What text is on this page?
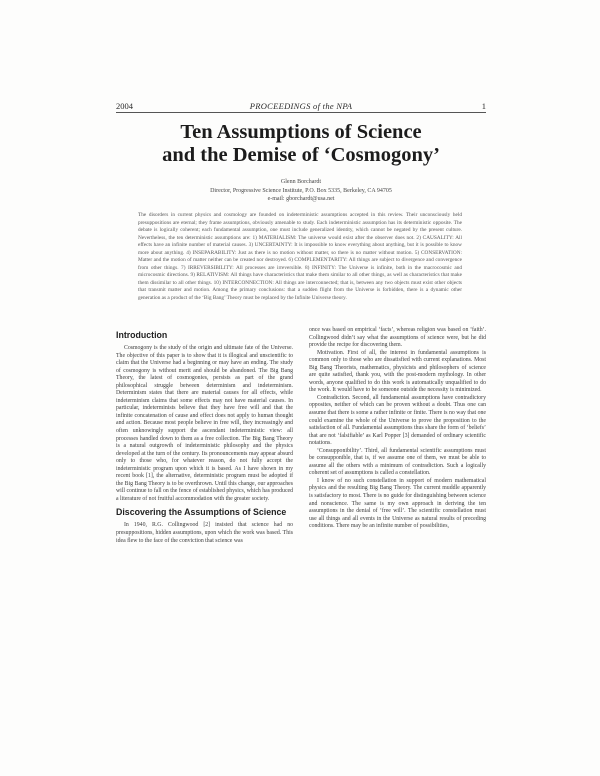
2004	PROCEEDINGS of the NPA	1
Ten Assumptions of Science
and the Demise of ‘Cosmogony’
Glenn Borchardt
Director, Progressive Science Institute, P.O. Box 5335, Berkeley, CA 94705
e-mail: gborchardt@usa.net

The disorders in current physics and cosmology are founded on indeterministic assumptions accepted in this review. Their unconsciously held presuppositions are eternal; they frame assumptions, obviously amenable to study. Each indeterministic assumption has its deterministic opposite. The debate is logically coherent; each fundamental assumption, one must include generalized identity, which cannot be negated by the present culture. Nevertheless, the ten deterministic assumptions are: 1) MATERIALISM: The universe would exist after the observer does not. 2) CAUSALITY: All effects have an infinite number of material causes. 3) UNCERTAINTY: It is impossible to know everything about anything, but it is possible to know more about anything. 4) INSEPARABILITY: Just as there is no motion without matter, so there is no matter without motion. 5) CONSERVATION: Matter and the motion of matter neither can be created nor destroyed. 6) COMPLEMENTARITY: All things are subject to divergence and convergence from other things. 7) IRREVERSIBILITY: All processes are irreversible. 8) INFINITY: The Universe is infinite, both in the macrocosmic and microcosmic directions. 9) RELATIVISM: All things have characteristics that make them similar to all other things, as well as characteristics that make them dissimilar to all other things. 10) INTERCONNECTION: All things are interconnected; that is, between any two objects must exist other objects that transmit matter and motion. Among the primary conclusions: that a sudden flight from the Universe is forbidden, there is a dynamic other generation as a product of the ‘Big Bang’ Theory must be replaced by the Infinite Universe theory.

Introduction

Cosmogony is the study of the origin and ultimate fate of the Universe. The objective of this paper is to show that it is illogical and unscientific to claim that the Universe had a beginning or may have an ending. The study of cosmogony is without merit and should be abandoned. The Big Bang Theory, the latest of cosmogonies, persists as part of the grand philosophical struggle between determinism and indeterminism. Determinism states that there are material causes for all effects, while indeterminism claims that some effects may not have material causes. In particular, indeterminists believe that they have free will and that the infinite concatenation of cause and effect does not apply to human thought and action. Because most people believe in free will, they increasingly and often unknowingly support the ascendant indeterministic view: all processes handled down to them as a free collection. The Big Bang Theory is a natural outgrowth of indeterministic philosophy and the physics developed at the turn of the century. Its pronouncements may appear absurd only to those who, for whatever reason, do not fully accept the indeterministic program upon which it is based. As I have shown in my recent book [1], the alternative, deterministic program must be adopted if the Big Bang Theory is to be overthrown. Until this change, our approaches will continue to fall on the fence of established physics, which has produced a literature of not fruitful accommodation with the greater society.

Discovering the Assumptions of Science

In 1940, R.G. Collingwood [2] insisted that science had no presuppositions, hidden assumptions, upon which the work was based. This idea flew to the face of the conviction that science was

once was based on empirical ‘facts’, whereas religion was based on ‘faith’. Collingwood didn’t say what the assumptions of science were, but he did provide the recipe for discovering them.

Motivation. First of all, the interest in fundamental assumptions is common only to those who are dissatisfied with current explanations. Most Big Bang Theorists, mathematics, physicists and philosophers of science are quite satisfied, thank you, with the post-modern mythology. In other words, anyone qualified to do this work is automatically unqualified to do the work. It would have to be someone outside the necessity is minimized.

Contradiction. Second, all fundamental assumptions have contradictory opposites, neither of which can be proven without a doubt. Thus one can assume that there is some a rather infinite or finite. There is no way that one could examine the whole of the Universe to prove the proposition to the satisfaction of all. Fundamental assumptions thus share the form of ‘beliefs’ that are not ‘falsifiable’ as Karl Popper [3] demanded of ordinary scientific notations.

‘Consupponibility’. Third, all fundamental scientific assumptions must be consupponible, that is, if we assume one of them, we must be able to assume all the others with a minimum of contradiction. Such a logically coherent set of assumptions is called a constellation.

I know of no such constellation in support of modern mathematical physics and the resulting Big Bang Theory. The current muddle apparently is satisfactory to most. There is no guide for distinguishing between science and nonscience. The same is my own approach in deriving the ten assumptions in the denial of ‘free will’. The scientific constellation must use all things and all events in the Universe as natural results of preceding conditions. There may be an infinite number of possibilities,
